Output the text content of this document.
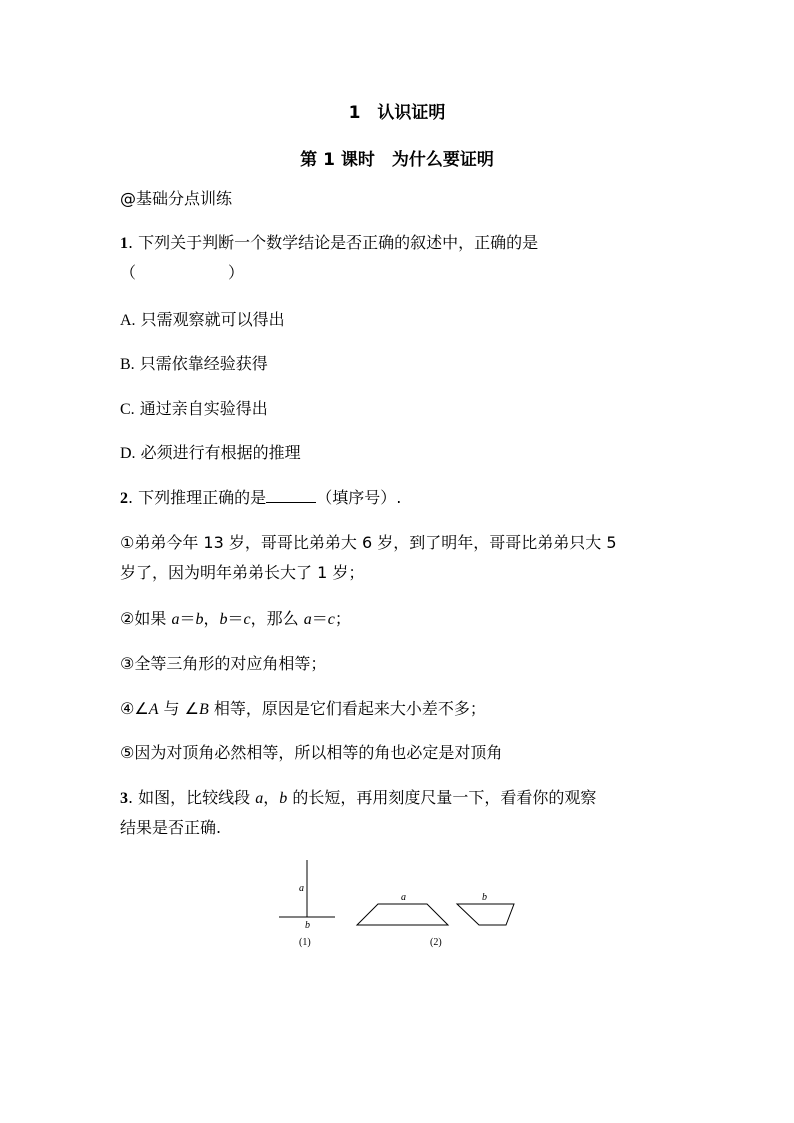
1　认识证明
第 1 课时　为什么要证明
@基础分点训练
1. 下列关于判断一个数学结论是否正确的叙述中，正确的是
（	）
A. 只需观察就可以得出
B. 只需依靠经验获得
C. 通过亲自实验得出
D. 必须进行有根据的推理
2. 下列推理正确的是	（填序号）.
①弟弟今年 13 岁，哥哥比弟弟大 6 岁，到了明年，哥哥比弟弟只大 5
岁了，因为明年弟弟长大了 1 岁；
②如果 a＝b，b＝c，那么 a＝c；
③全等三角形的对应角相等；
④∠A 与 ∠B 相等，原因是它们看起来大小差不多；
⑤因为对顶角必然相等，所以相等的角也必定是对顶角
3. 如图，比较线段 a，b 的长短，再用刻度尺量一下，看看你的观察
结果是否正确.
a
b
(1)
a	b
(2)
